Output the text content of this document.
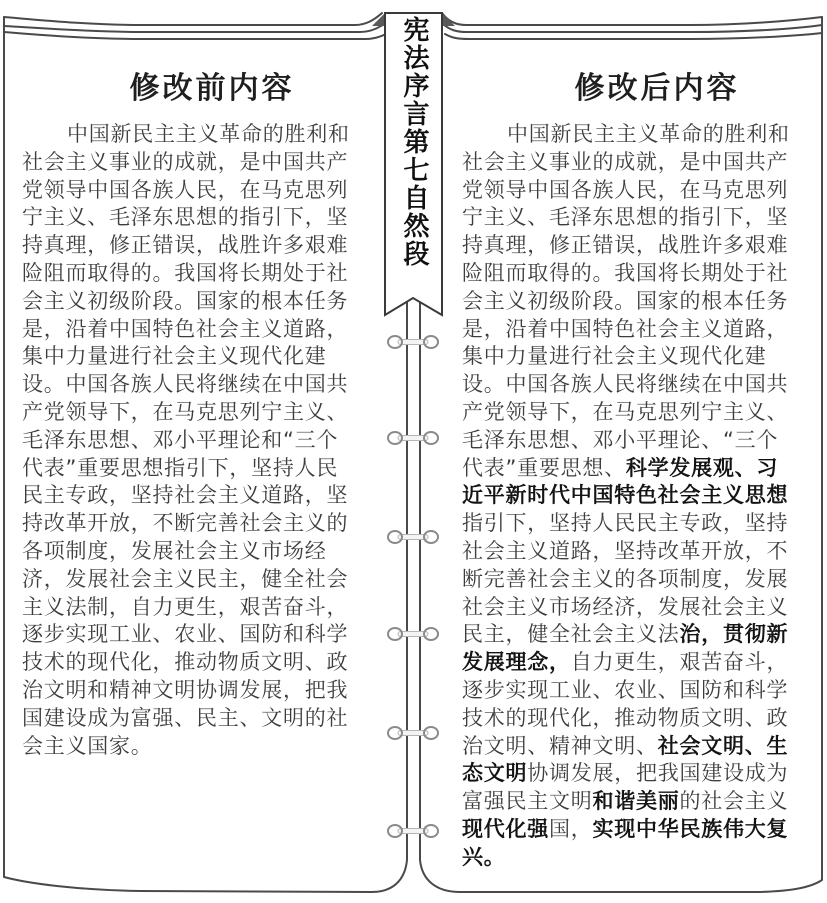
宪法序言第七自然段
修改前内容
中国新民主主义革命的胜利和
社会主义事业的成就，是中国共产
党领导中国各族人民，在马克思列
宁主义、毛泽东思想的指引下，坚
持真理，修正错误，战胜许多艰难
险阻而取得的。我国将长期处于社
会主义初级阶段。国家的根本任务
是，沿着中国特色社会主义道路，
集中力量进行社会主义现代化建
设。中国各族人民将继续在中国共
产党领导下，在马克思列宁主义、
毛泽东思想、邓小平理论和“三个
代表”重要思想指引下，坚持人民
民主专政，坚持社会主义道路，坚
持改革开放，不断完善社会主义的
各项制度，发展社会主义市场经
济，发展社会主义民主，健全社会
主义法制，自力更生，艰苦奋斗，
逐步实现工业、农业、国防和科学
技术的现代化，推动物质文明、政
治文明和精神文明协调发展，把我
国建设成为富强、民主、文明的社
会主义国家。
修改后内容
中国新民主主义革命的胜利和
社会主义事业的成就，是中国共产
党领导中国各族人民，在马克思列
宁主义、毛泽东思想的指引下，坚
持真理，修正错误，战胜许多艰难
险阻而取得的。我国将长期处于社
会主义初级阶段。国家的根本任务
是，沿着中国特色社会主义道路，
集中力量进行社会主义现代化建
设。中国各族人民将继续在中国共
产党领导下，在马克思列宁主义、
毛泽东思想、邓小平理论、“三个
代表”重要思想、科学发展观、习
近平新时代中国特色社会主义思想
指引下，坚持人民民主专政，坚持
社会主义道路，坚持改革开放，不
断完善社会主义的各项制度，发展
社会主义市场经济，发展社会主义
民主，健全社会主义法治，贯彻新
发展理念，自力更生，艰苦奋斗，
逐步实现工业、农业、国防和科学
技术的现代化，推动物质文明、政
治文明、精神文明、社会文明、生
态文明协调发展，把我国建设成为
富强民主文明和谐美丽的社会主义
现代化强国，实现中华民族伟大复
兴。
